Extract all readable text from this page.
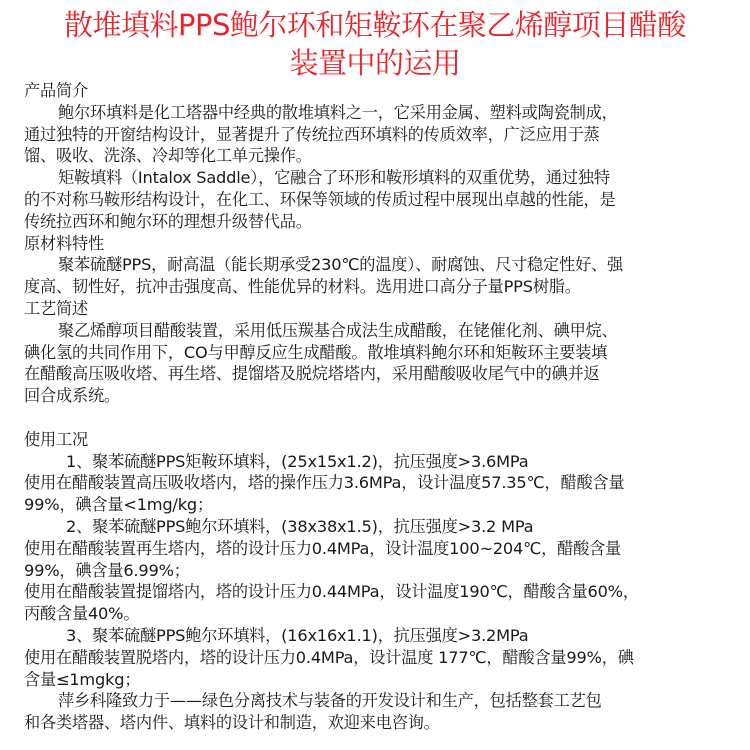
散堆填料PPS鲍尔环和矩鞍环在聚乙烯醇项目醋酸
装置中的运用
产品简介
鲍尔环填料是化工塔器中经典的散堆填料之一，它采用金属、塑料或陶瓷制成，
通过独特的开窗结构设计，显著提升了传统拉西环填料的传质效率，广泛应用于蒸
馏、吸收、洗涤、冷却等化工单元操作。
矩鞍填料（Intalox Saddle），它融合了环形和鞍形填料的双重优势，通过独特
的不对称马鞍形结构设计，在化工、环保等领域的传质过程中展现出卓越的性能，是
传统拉西环和鲍尔环的理想升级替代品。
原材料特性
聚苯硫醚PPS，耐高温（能长期承受230℃的温度）、耐腐蚀、尺寸稳定性好、强
度高、韧性好，抗冲击强度高、性能优异的材料。选用进口高分子量PPS树脂。
工艺简述
聚乙烯醇项目醋酸装置，采用低压羰基合成法生成醋酸，在铑催化剂、碘甲烷、
碘化氢的共同作用下，CO与甲醇反应生成醋酸。散堆填料鲍尔环和矩鞍环主要装填
在醋酸高压吸收塔、再生塔、提馏塔及脱烷塔塔内，采用醋酸吸收尾气中的碘并返
回合成系统。
使用工况
1、聚苯硫醚PPS矩鞍环填料，(25x15x1.2)，抗压强度>3.6MPa
使用在醋酸装置高压吸收塔内，塔的操作压力3.6MPa，设计温度57.35℃，醋酸含量
99%，碘含量<1mg/kg；
2、聚苯硫醚PPS鲍尔环填料，(38x38x1.5)，抗压强度>3.2 MPa
使用在醋酸装置再生塔内，塔的设计压力0.4MPa，设计温度100~204℃，醋酸含量
99%，碘含量6.99%；
使用在醋酸装置提馏塔内，塔的设计压力0.44MPa，设计温度190℃，醋酸含量60%，
丙酸含量40%。
3、聚苯硫醚PPS鲍尔环填料，(16x16x1.1)，抗压强度>3.2MPa
使用在醋酸装置脱塔内，塔的设计压力0.4MPa，设计温度 177℃，醋酸含量99%，碘
含量≤1mgkg；
萍乡科隆致力于——绿色分离技术与装备的开发设计和生产，包括整套工艺包
和各类塔器、塔内件、填料的设计和制造，欢迎来电咨询。
